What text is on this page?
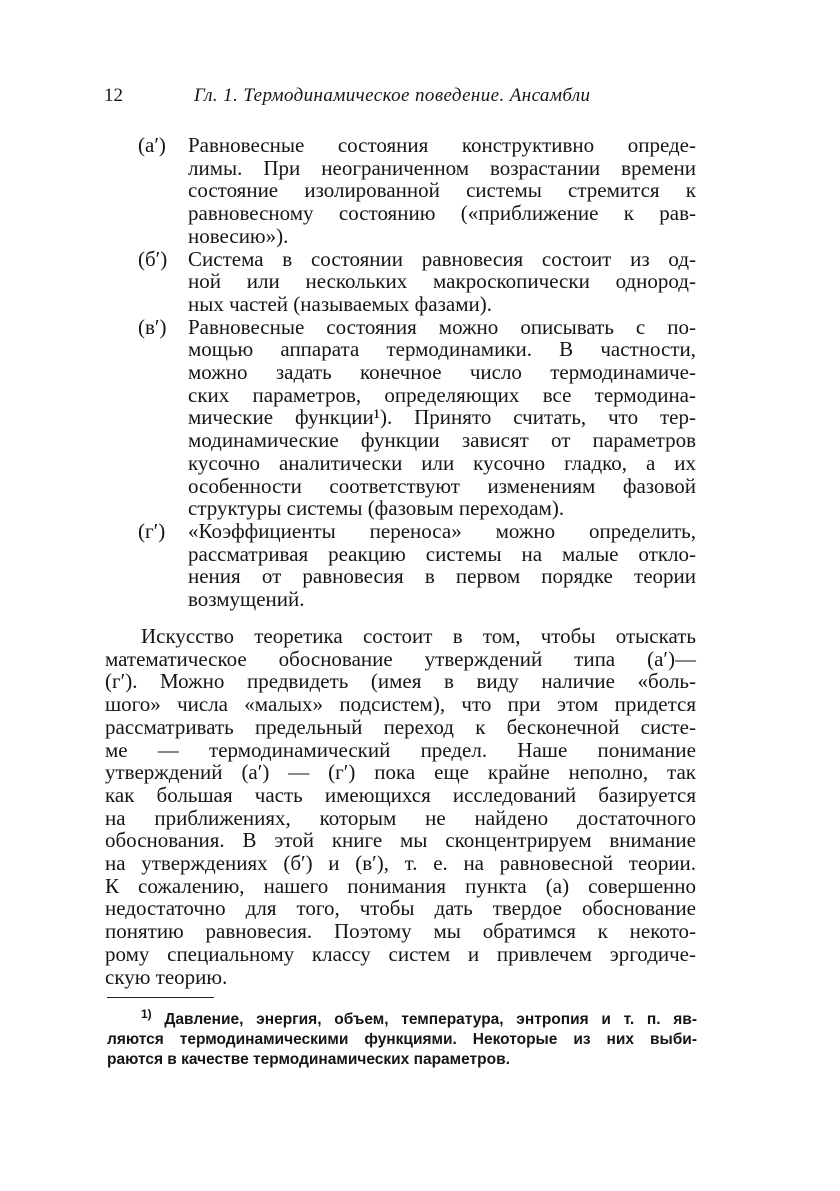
12	Гл. 1. Термодинамическое поведение. Ансамбли
(a′) Равновесные состояния конструктивно опреде-
лимы. При неограниченном возрастании времени
состояние изолированной системы стремится к
равновесному состоянию («приближение к рав-
новесию»).
(б′) Система в состоянии равновесия состоит из од-
ной или нескольких макроскопически однород-
ных частей (называемых фазами).
(в′) Равновесные состояния можно описывать с по-
мощью аппарата термодинамики. В частности,
можно задать конечное число термодинамиче-
ских параметров, определяющих все термодина-
мические функции¹). Принято считать, что тер-
модинамические функции зависят от параметров
кусочно аналитически или кусочно гладко, а их
особенности соответствуют изменениям фазовой
структуры системы (фазовым переходам).
(г′) «Коэффициенты переноса» можно определить,
рассматривая реакцию системы на малые откло-
нения от равновесия в первом порядке теории
возмущений.
Искусство теоретика состоит в том, чтобы отыскать
математическое обоснование утверждений типа (a′)—
(г′). Можно предвидеть (имея в виду наличие «боль-
шого» числа «малых» подсистем), что при этом придется
рассматривать предельный переход к бесконечной систе-
ме — термодинамический предел. Наше понимание
утверждений (a′) — (г′) пока еще крайне неполно, так
как большая часть имеющихся исследований базируется
на приближениях, которым не найдено достаточного
обоснования. В этой книге мы сконцентрируем внимание
на утверждениях (б′) и (в′), т. е. на равновесной теории.
К сожалению, нашего понимания пункта (a) совершенно
недостаточно для того, чтобы дать твердое обоснование
понятию равновесия. Поэтому мы обратимся к некото-
рому специальному классу систем и привлечем эргодиче-
скую теорию.
$^{1)}$ Давление, энергия, объем, температура, энтропия и т. п. яв-
ляются термодинамическими функциями. Некоторые из них выби-
раются в качестве термодинамических параметров.
